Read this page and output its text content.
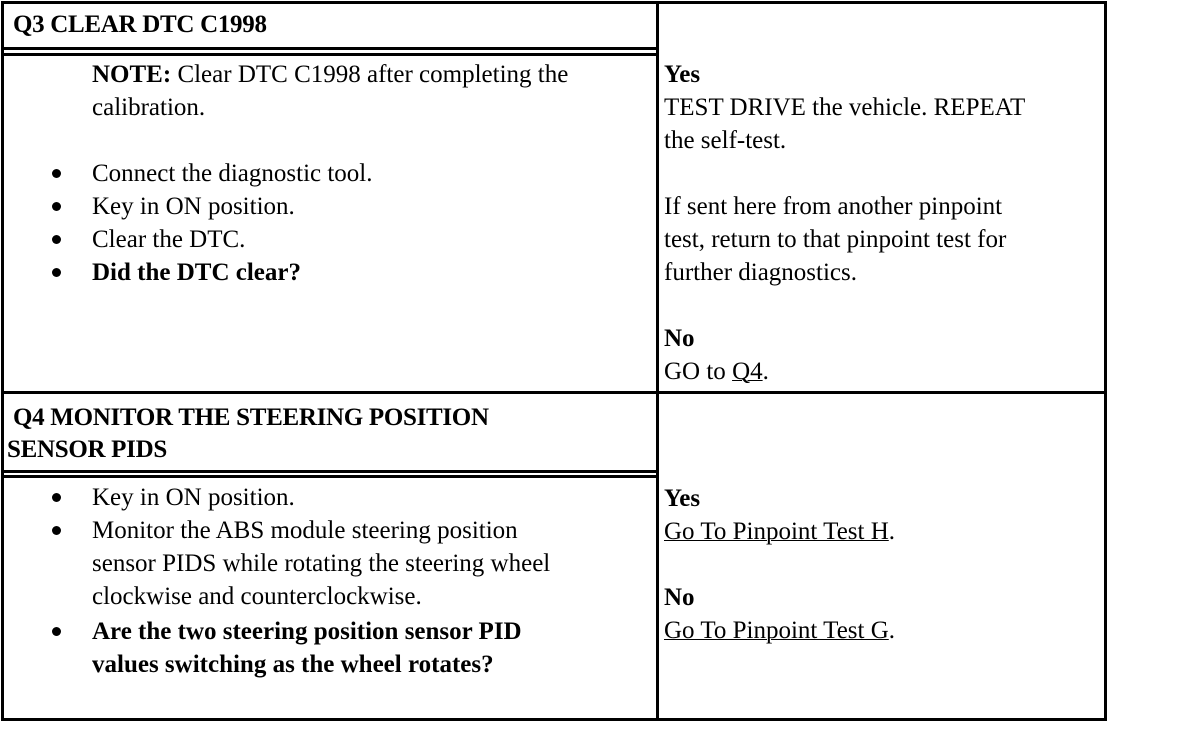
Q3 CLEAR DTC C1998
NOTE: Clear DTC C1998 after completing the
calibration.
Connect the diagnostic tool.
Key in ON position.
Clear the DTC.
Did the DTC clear?
Yes
TEST DRIVE the vehicle. REPEAT
the self-test.
If sent here from another pinpoint
test, return to that pinpoint test for
further diagnostics.
No
GO to Q4.
Q4 MONITOR THE STEERING POSITION
SENSOR PIDS
Key in ON position.
Monitor the ABS module steering position
sensor PIDS while rotating the steering wheel
clockwise and counterclockwise.
Are the two steering position sensor PID
values switching as the wheel rotates?
Yes
Go To Pinpoint Test H.
No
Go To Pinpoint Test G.
